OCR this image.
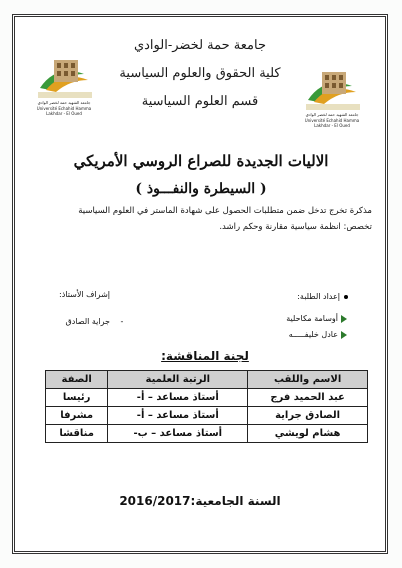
جامعة حمة لخضر-الوادي
كلية الحقوق والعلوم السياسية
قسم العلوم السياسية
جامعة الشهيد حمة لخضر الوادي
Université Echahid Hamma Lakhdar - El Oued	جامعة الشهيد حمة لخضر الوادي
Université Echahid Hamma Lakhdar - El Oued
الاليات الجديدة للصراع الروسي الأمريكي
( السيطرة والنفـــوذ )
مذكرة تخرج تدخل ضمن متطلبات الحصول على شهادة الماستر في العلوم السياسية
تخصص: انظمة سياسية مقارنة وحكم راشد.
إعداد الطلبة:
أوسامة مكاحلية
عادل خليفـــــه
إشراف الأستاذ:
-
جراية الصادق
لجنة المناقشة:
الاسم واللقب	الرتبة العلمية	الصفة
عبد الحميد فرج	أستاذ مساعد – أ-	رئيسا
الصادق جراية	أستاذ مساعد – أ-	مشرفا
هشام لويشي	أستاذ مساعد – ب-	مناقشا
السنة الجامعية:2016/2017
